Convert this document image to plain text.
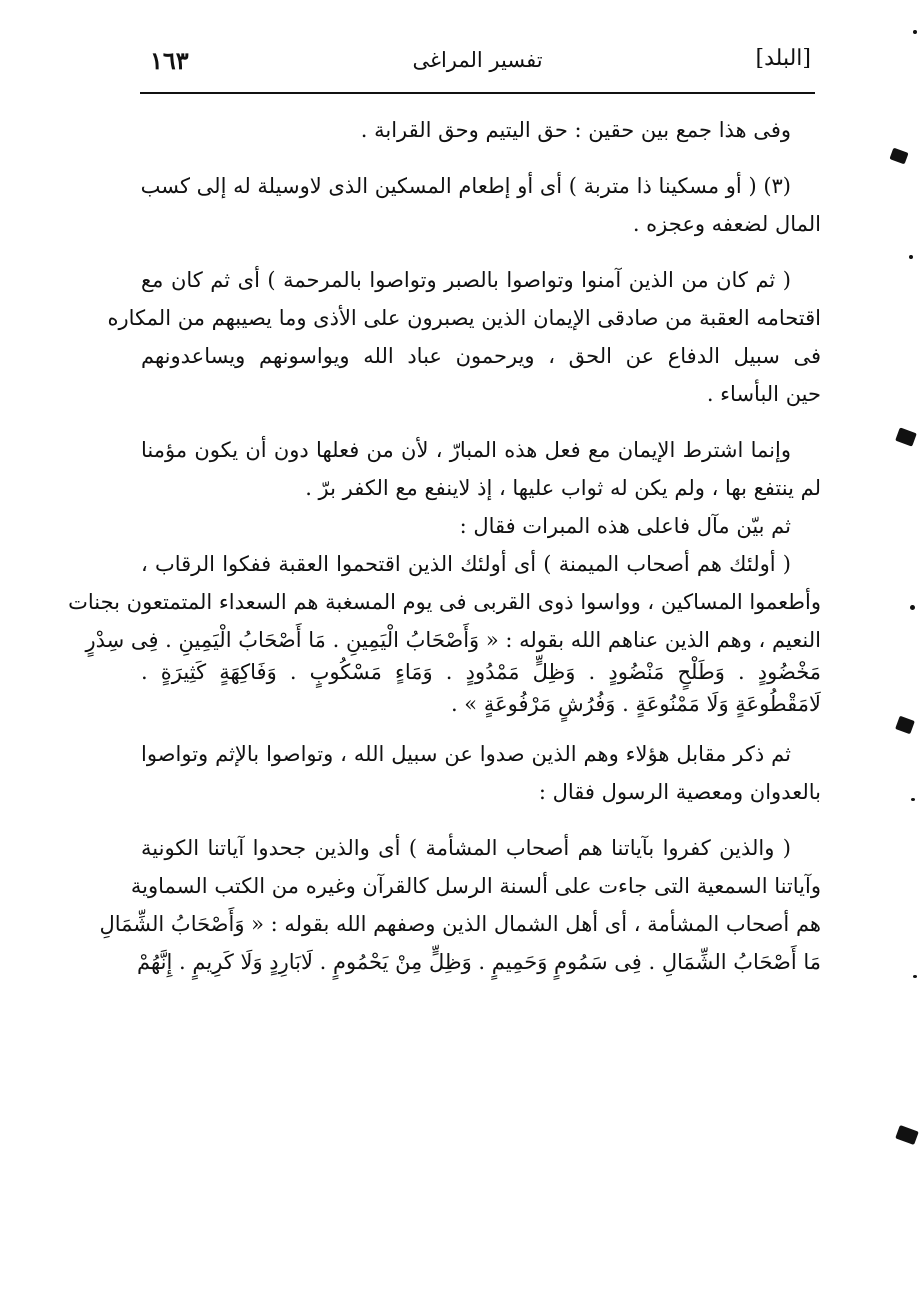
[البلد]
تفسير المراغى
١٦٣
وفى هذا جمع بين حقين : حق اليتيم وحق القرابة .
(٣) ( أو مسكينا ذا متربة ) أى أو إطعام المسكين الذى لاوسيلة له إلى كسب
المال لضعفه وعجزه .
( ثم كان من الذين آمنوا وتواصوا بالصبر وتواصوا بالمرحمة ) أى ثم كان مع
اقتحامه العقبة من صادقى الإيمان الذين يصبرون على الأذى وما يصيبهم من المكاره
فى سبيل الدفاع عن الحق ، ويرحمون عباد الله ويواسونهم ويساعدونهم
حين البأساء .
وإنما اشترط الإيمان مع فعل هذه المبارّ ، لأن من فعلها دون أن يكون مؤمنا
لم ينتفع بها ، ولم يكن له ثواب عليها ، إذ لاينفع مع الكفر برّ .
ثم بيّن مآل فاعلى هذه المبرات فقال :
( أولئك هم أصحاب الميمنة ) أى أولئك الذين اقتحموا العقبة ففكوا الرقاب ،
وأطعموا المساكين ، وواسوا ذوى القربى فى يوم المسغبة هم السعداء المتمتعون بجنات
النعيم ، وهم الذين عناهم الله بقوله : « وَأَصْحَابُ الْيَمِينِ . مَا أَصْحَابُ الْيَمِينِ . فِى سِدْرٍ
مَخْضُودٍ . وَطَلْحٍ مَنْضُودٍ . وَظِلٍّ مَمْدُودٍ . وَمَاءٍ مَسْكُوبٍ . وَفَاكِهَةٍ كَثِيرَةٍ .
لَامَقْطُوعَةٍ وَلَا مَمْنُوعَةٍ . وَفُرُشٍ مَرْفُوعَةٍ » .
ثم ذكر مقابل هؤلاء وهم الذين صدوا عن سبيل الله ، وتواصوا بالإثم وتواصوا
بالعدوان ومعصية الرسول فقال :
( والذين كفروا بآياتنا هم أصحاب المشأمة ) أى والذين جحدوا آياتنا الكونية
وآياتنا السمعية التى جاءت على ألسنة الرسل كالقرآن وغيره من الكتب السماوية
هم أصحاب المشأمة ، أى أهل الشمال الذين وصفهم الله بقوله : « وَأَصْحَابُ الشِّمَالِ
مَا أَصْحَابُ الشِّمَالِ . فِى سَمُومٍ وَحَمِيمٍ . وَظِلٍّ مِنْ يَحْمُومٍ . لَابَارِدٍ وَلَا كَرِيمٍ . إِنَّهُمْ
